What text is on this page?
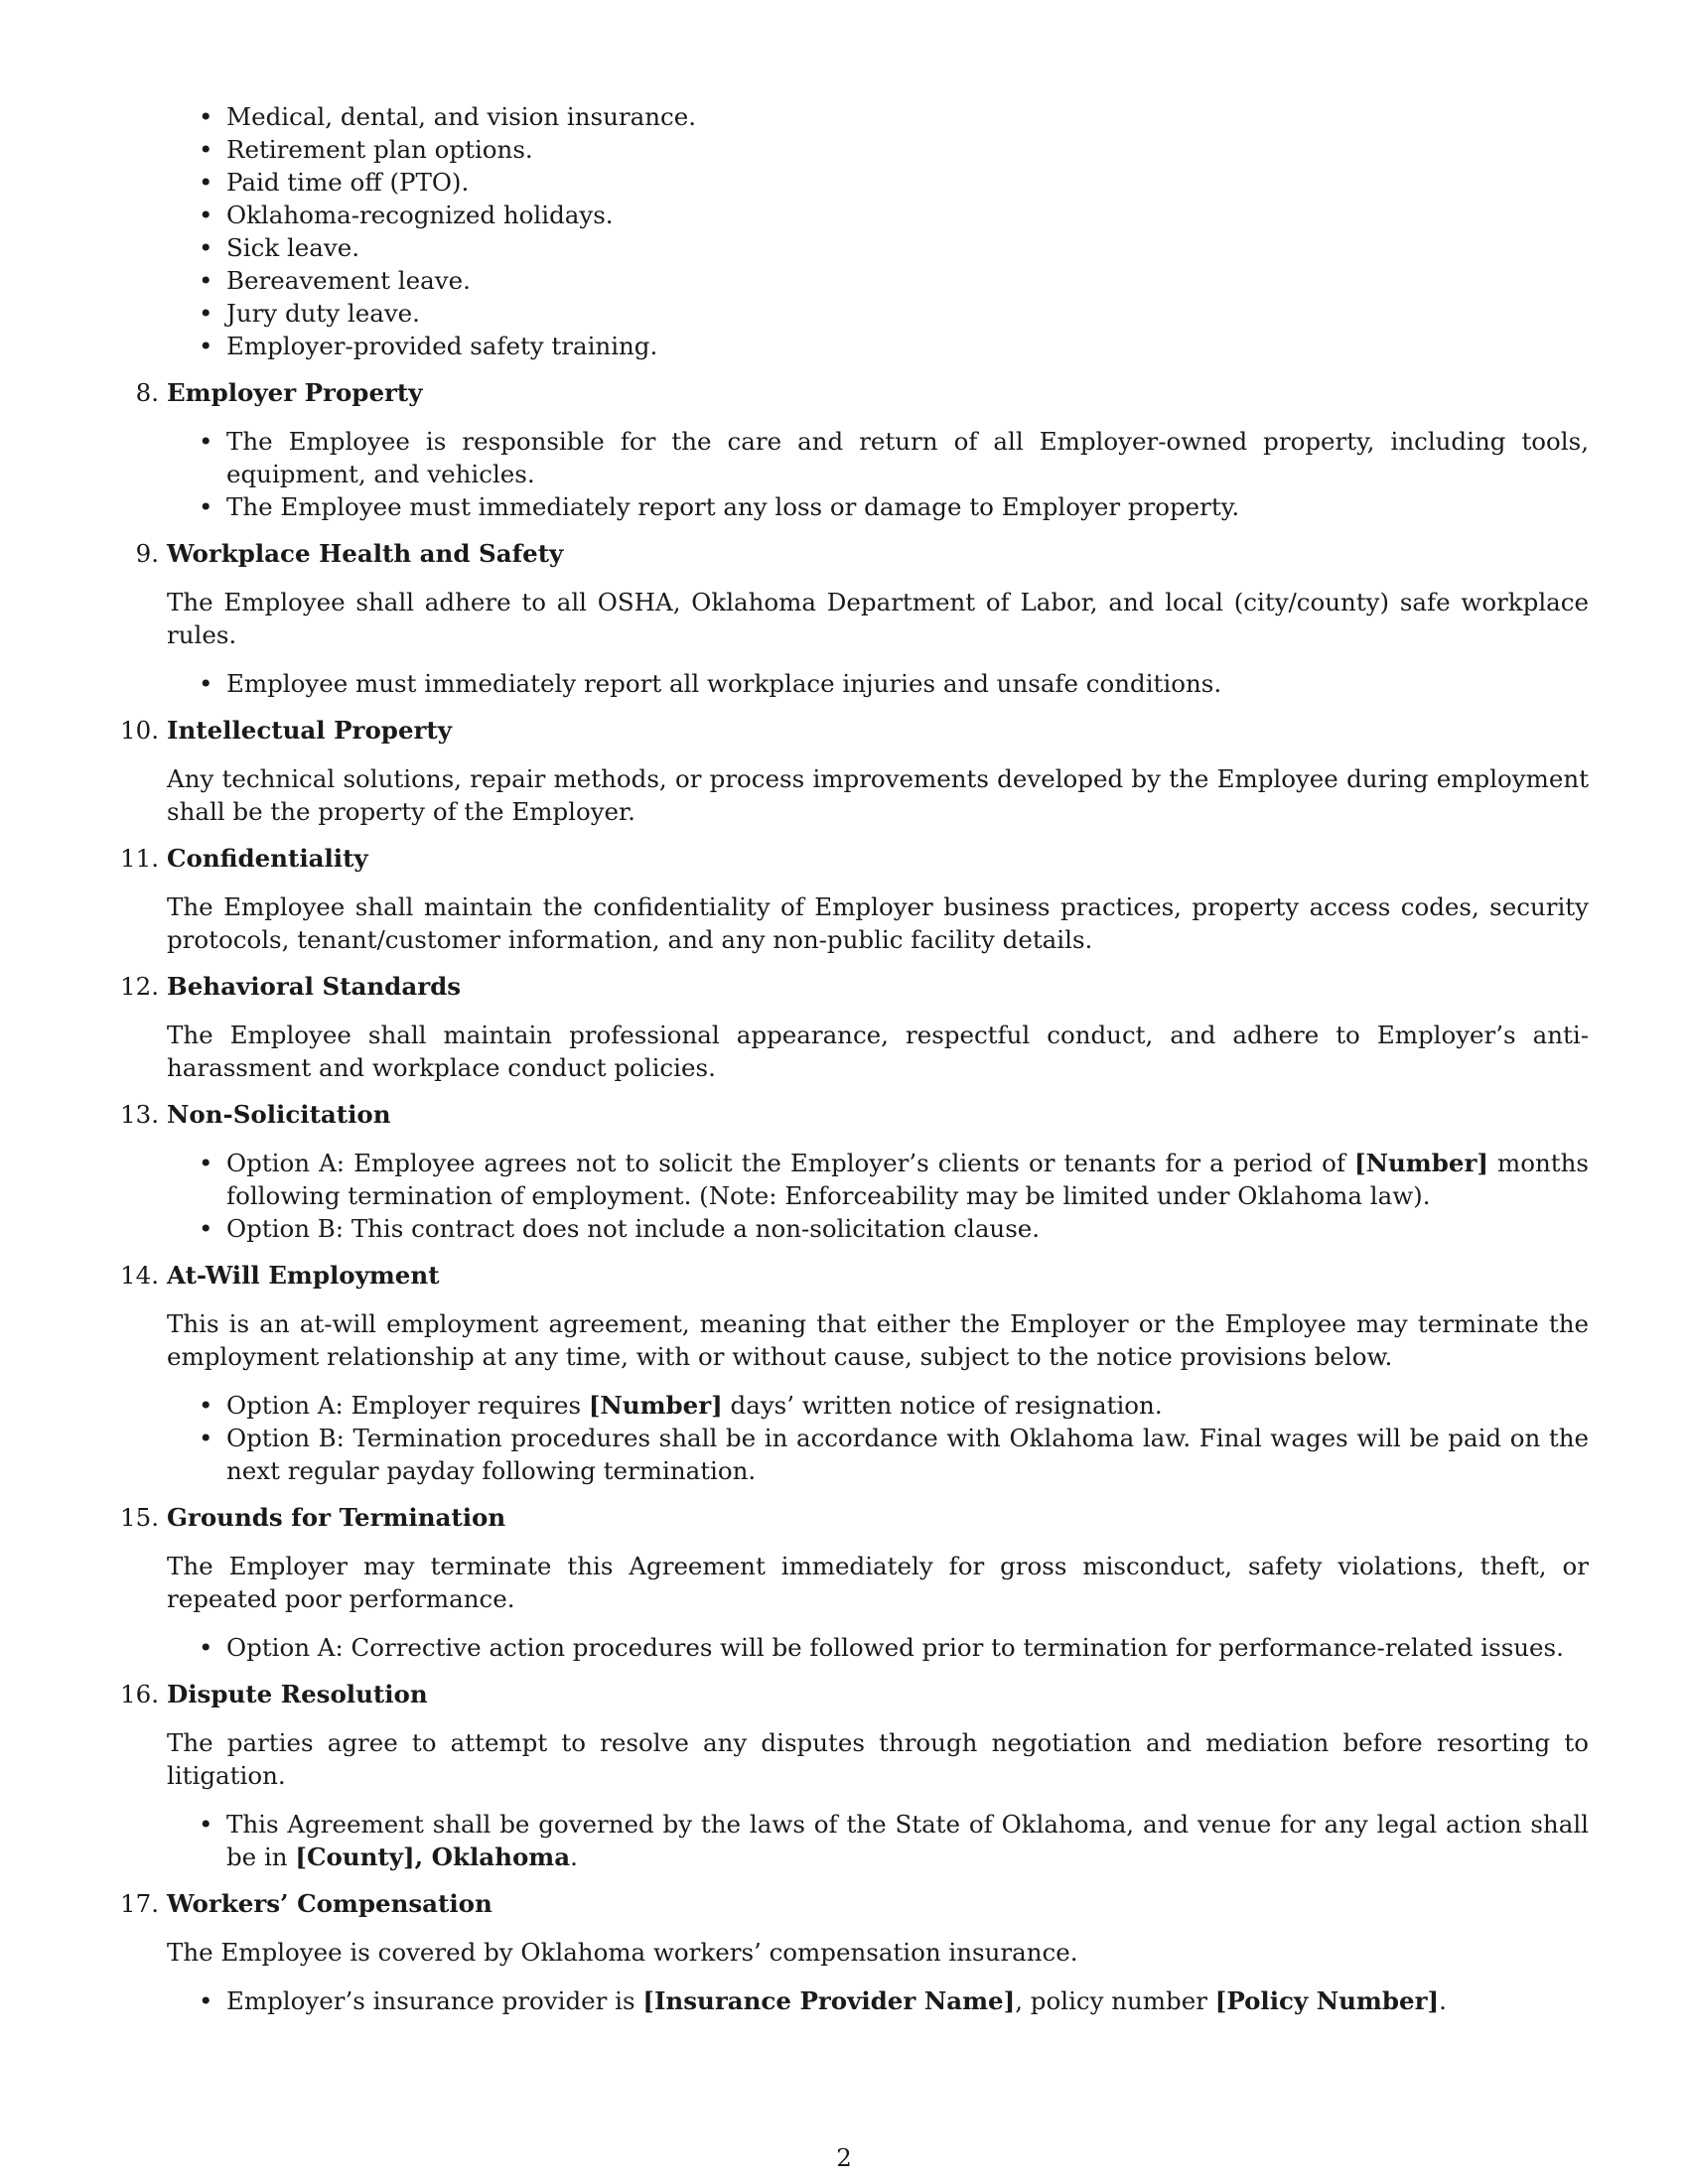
• Medical, dental, and vision insurance.
• Retirement plan options.
• Paid time off (PTO).
• Oklahoma-recognized holidays.
• Sick leave.
• Bereavement leave.
• Jury duty leave.
• Employer-provided safety training.
8. Employer Property
• The Employee is responsible for the care and return of all Employer-owned property, including tools, equipment, and vehicles.
• The Employee must immediately report any loss or damage to Employer property.
9. Workplace Health and Safety

The Employee shall adhere to all OSHA, Oklahoma Department of Labor, and local (city/county) safe workplace rules.

• Employee must immediately report all workplace injuries and unsafe conditions.
10. Intellectual Property

Any technical solutions, repair methods, or process improvements developed by the Employee during employment shall be the property of the Employer.

11. Confidentiality

The Employee shall maintain the confidentiality of Employer business practices, property access codes, security protocols, tenant/customer information, and any non-public facility details.

12. Behavioral Standards

The Employee shall maintain professional appearance, respectful conduct, and adhere to Employer’s anti-harassment and workplace conduct policies.

13. Non-Solicitation
• Option A: Employee agrees not to solicit the Employer’s clients or tenants for a period of [Number] months following termination of employment. (Note: Enforceability may be limited under Oklahoma law).
• Option B: This contract does not include a non-solicitation clause.
14. At-Will Employment

This is an at-will employment agreement, meaning that either the Employer or the Employee may terminate the employment relationship at any time, with or without cause, subject to the notice provisions below.

• Option A: Employer requires [Number] days’ written notice of resignation.
• Option B: Termination procedures shall be in accordance with Oklahoma law. Final wages will be paid on the next regular payday following termination.
15. Grounds for Termination

The Employer may terminate this Agreement immediately for gross misconduct, safety violations, theft, or repeated poor performance.

• Option A: Corrective action procedures will be followed prior to termination for performance-related issues.
16. Dispute Resolution

The parties agree to attempt to resolve any disputes through negotiation and mediation before resorting to litigation.

• This Agreement shall be governed by the laws of the State of Oklahoma, and venue for any legal action shall be in [County], Oklahoma.
17. Workers’ Compensation

The Employee is covered by Oklahoma workers’ compensation insurance.

• Employer’s insurance provider is [Insurance Provider Name], policy number [Policy Number].
2
